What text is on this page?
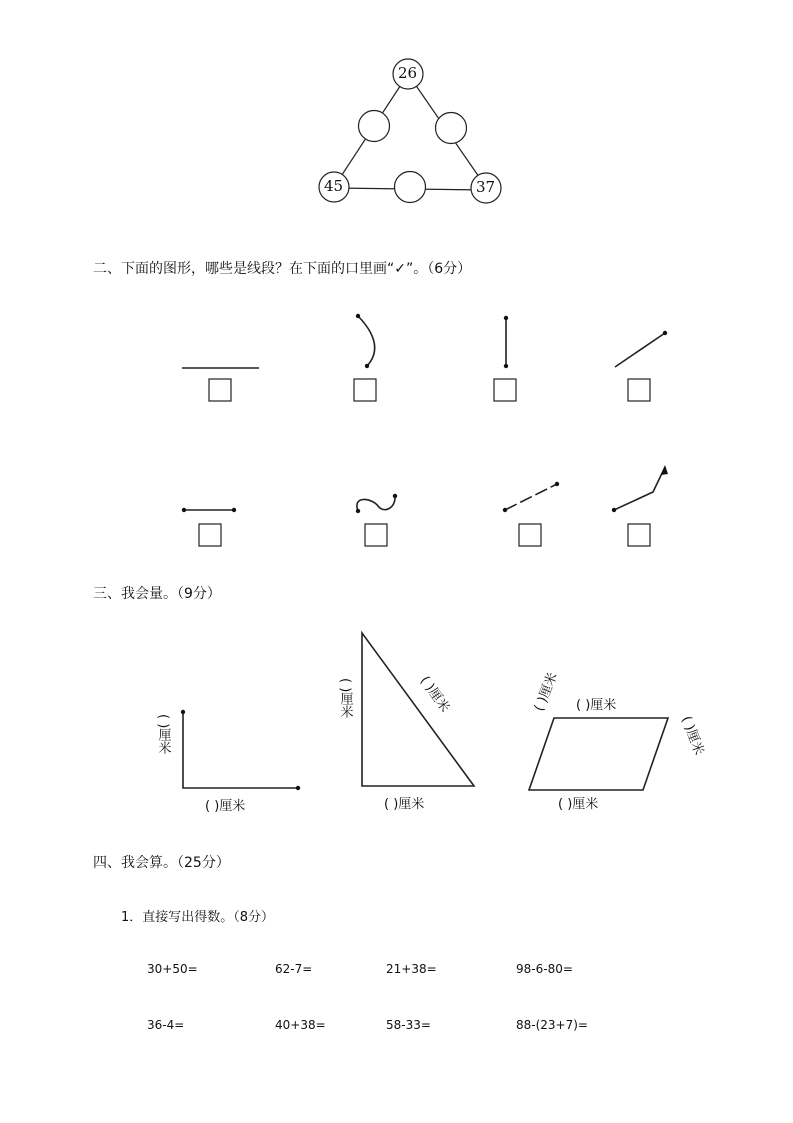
26
45	37
二、下面的图形，哪些是线段？在下面的口里画“✓”。（6分）
三、我会量。（9分）
( )厘米
( )厘米
( )厘米	( )厘米
( )厘米
( )厘米
( )厘米
( )厘米
( )厘米
四、我会算。（25分）
1．直接写出得数。（8分）
30+50=	62-7=	21+38=	98-6-80=
36-4=	40+38=	58-33=	88-(23+7)=
